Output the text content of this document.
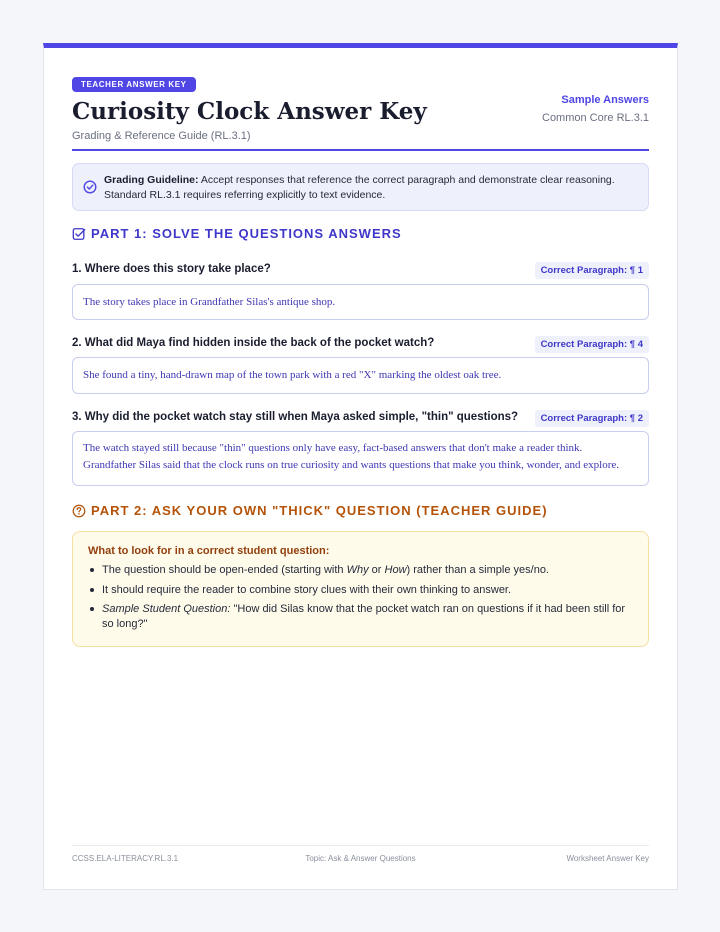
TEACHER ANSWER KEY
Curiosity Clock Answer Key
Grading & Reference Guide (RL.3.1)
Sample Answers
Common Core RL.3.1
Grading Guideline: Accept responses that reference the correct paragraph and demonstrate clear reasoning. Standard RL.3.1 requires referring explicitly to text evidence.
PART 1: SOLVE THE QUESTIONS ANSWERS
1. Where does this story take place?	Correct Paragraph: ¶ 1
The story takes place in Grandfather Silas's antique shop.
2. What did Maya find hidden inside the back of the pocket watch?	Correct Paragraph: ¶ 4
She found a tiny, hand-drawn map of the town park with a red "X" marking the oldest oak tree.
3. Why did the pocket watch stay still when Maya asked simple, "thin" questions?	Correct Paragraph: ¶ 2
The watch stayed still because "thin" questions only have easy, fact-based answers that don't make a reader think. Grandfather Silas said that the clock runs on true curiosity and wants questions that make you think, wonder, and explore.
PART 2: ASK YOUR OWN "THICK" QUESTION (TEACHER GUIDE)
What to look for in a correct student question:
The question should be open-ended (starting with Why or How) rather than a simple yes/no.
It should require the reader to combine story clues with their own thinking to answer.
Sample Student Question: "How did Silas know that the pocket watch ran on questions if it had been still for so long?"
CCSS.ELA-LITERACY.RL.3.1	Topic: Ask & Answer Questions	Worksheet Answer Key
